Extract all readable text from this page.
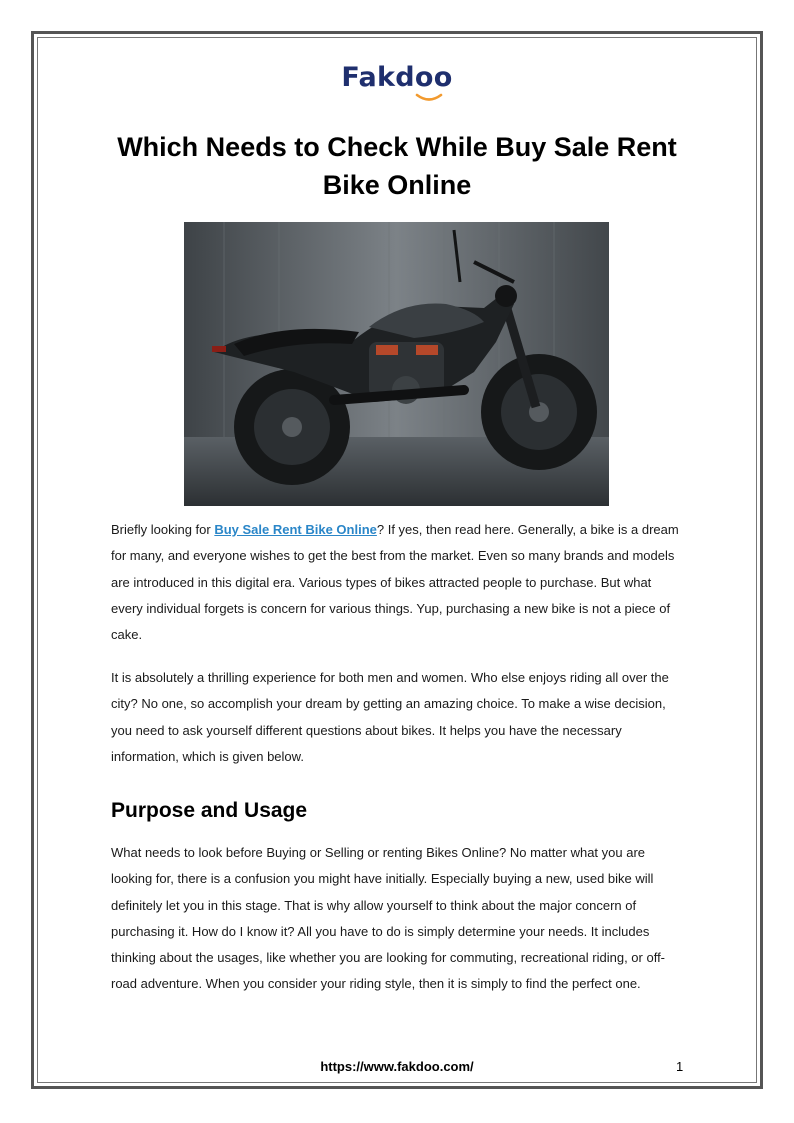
Fakdoo
Which Needs to Check While Buy Sale Rent Bike Online

Briefly looking for Buy Sale Rent Bike Online? If yes, then read here. Generally, a bike is a dream for many, and everyone wishes to get the best from the market. Even so many brands and models are introduced in this digital era. Various types of bikes attracted people to purchase. But what every individual forgets is concern for various things. Yup, purchasing a new bike is not a piece of cake.

It is absolutely a thrilling experience for both men and women. Who else enjoys riding all over the city? No one, so accomplish your dream by getting an amazing choice. To make a wise decision, you need to ask yourself different questions about bikes. It helps you have the necessary information, which is given below.

Purpose and Usage

What needs to look before Buying or Selling or renting Bikes Online? No matter what you are looking for, there is a confusion you might have initially. Especially buying a new, used bike will definitely let you in this stage. That is why allow yourself to think about the major concern of purchasing it. How do I know it? All you have to do is simply determine your needs. It includes thinking about the usages, like whether you are looking for commuting, recreational riding, or off-road adventure. When you consider your riding style, then it is simply to find the perfect one.

https://www.fakdoo.com/	1
